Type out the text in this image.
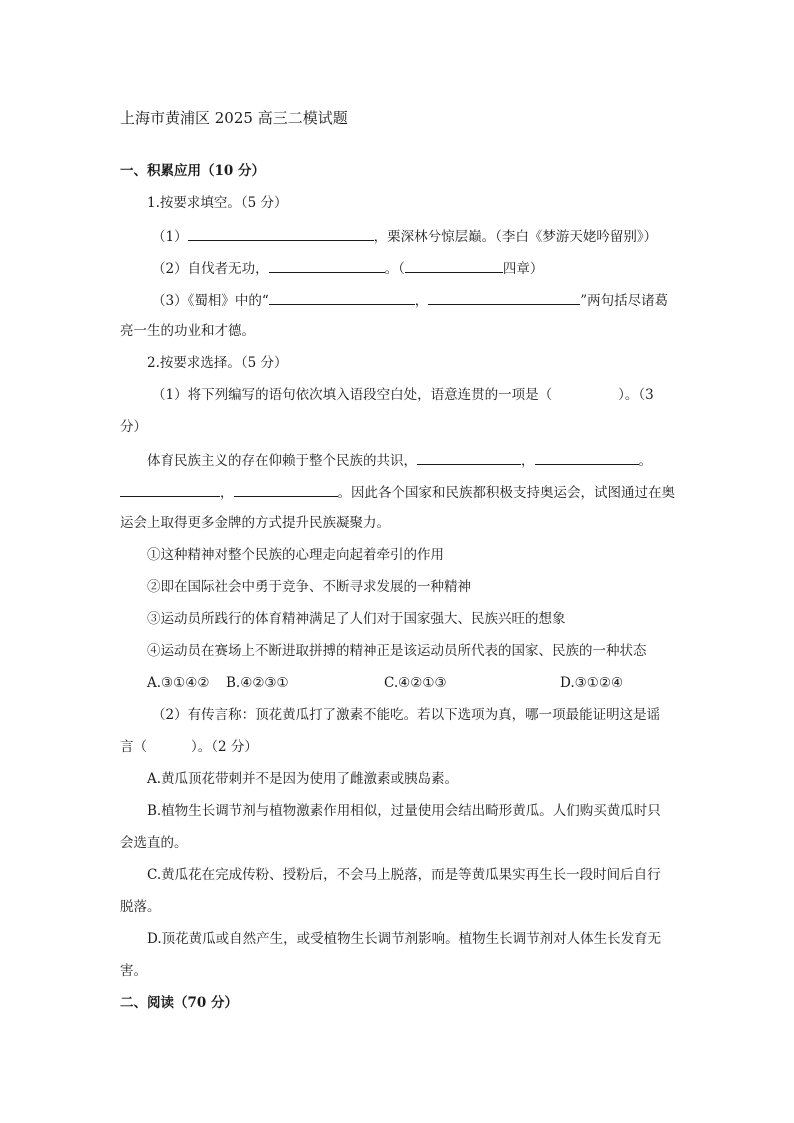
上海市黄浦区 2025 高三二模试题
一、积累应用（10 分）
1.按要求填空。（5 分）
（1）	，栗深林兮惊层巅。（李白《梦游天姥吟留别》）
（2）自伐者无功，	。（	四章）
（3）《蜀相》中的“	，	”两句括尽诸葛
亮一生的功业和才德。
2.按要求选择。（5 分）
（1）将下列编写的语句依次填入语段空白处，语意连贯的一项是（	）。（3
分）
体育民族主义的存在仰赖于整个民族的共识，	，	。
，	。因此各个国家和民族都积极支持奥运会，试图通过在奥
运会上取得更多金牌的方式提升民族凝聚力。
①这种精神对整个民族的心理走向起着牵引的作用
②即在国际社会中勇于竞争、不断寻求发展的一种精神
③运动员所践行的体育精神满足了人们对于国家强大、民族兴旺的想象
④运动员在赛场上不断进取拼搏的精神正是该运动员所代表的国家、民族的一种状态
A.③①④② B.④②③①	C.④②①③	D.③①②④
（2）有传言称：顶花黄瓜打了激素不能吃。若以下选项为真，哪一项最能证明这是谣
言（	）。（2 分）
A.黄瓜顶花带刺并不是因为使用了雌激素或胰岛素。
B.植物生长调节剂与植物激素作用相似，过量使用会结出畸形黄瓜。人们购买黄瓜时只
会选直的。
C.黄瓜花在完成传粉、授粉后，不会马上脱落，而是等黄瓜果实再生长一段时间后自行
脱落。
D.顶花黄瓜或自然产生，或受植物生长调节剂影响。植物生长调节剂对人体生长发育无
害。
二、阅读（70 分）
